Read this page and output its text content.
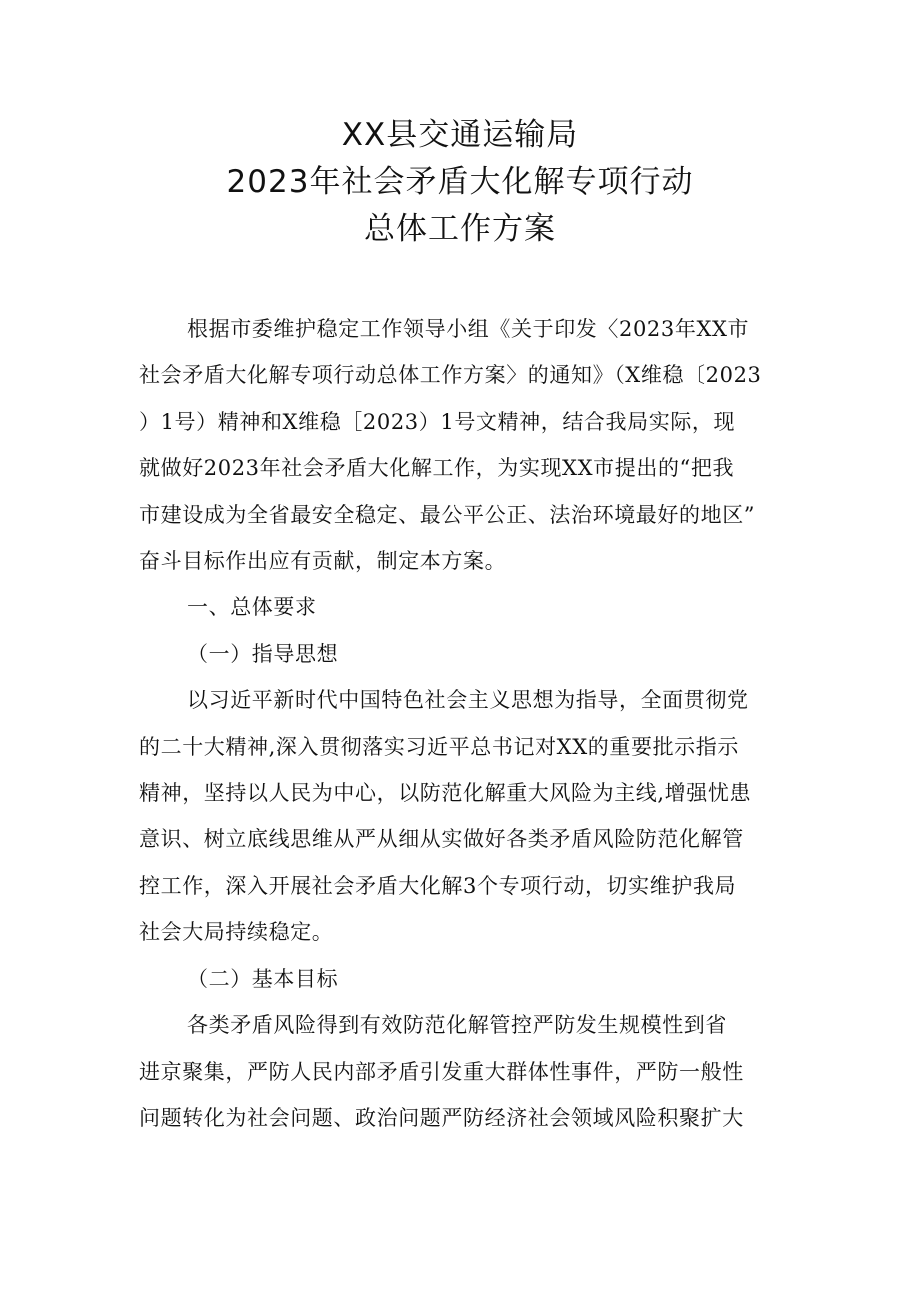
XX县交通运输局
2023年社会矛盾大化解专项行动
总体工作方案
根据市委维护稳定工作领导小组《关于印发〈2023年XX市
社会矛盾大化解专项行动总体工作方案〉的通知》（X维稳〔2023
）1号）精神和X维稳［2023）1号文精神，结合我局实际，现
就做好2023年社会矛盾大化解工作，为实现XX市提出的“把我
市建设成为全省最安全稳定、最公平公正、法治环境最好的地区”
奋斗目标作出应有贡献，制定本方案。
一、总体要求
（一）指导思想
以习近平新时代中国特色社会主义思想为指导，全面贯彻党
的二十大精神,深入贯彻落实习近平总书记对XX的重要批示指示
精神，坚持以人民为中心，以防范化解重大风险为主线,增强忧患
意识、树立底线思维从严从细从实做好各类矛盾风险防范化解管
控工作，深入开展社会矛盾大化解3个专项行动，切实维护我局
社会大局持续稳定。
（二）基本目标
各类矛盾风险得到有效防范化解管控严防发生规模性到省
进京聚集，严防人民内部矛盾引发重大群体性事件，严防一般性
问题转化为社会问题、政治问题严防经济社会领域风险积聚扩大
